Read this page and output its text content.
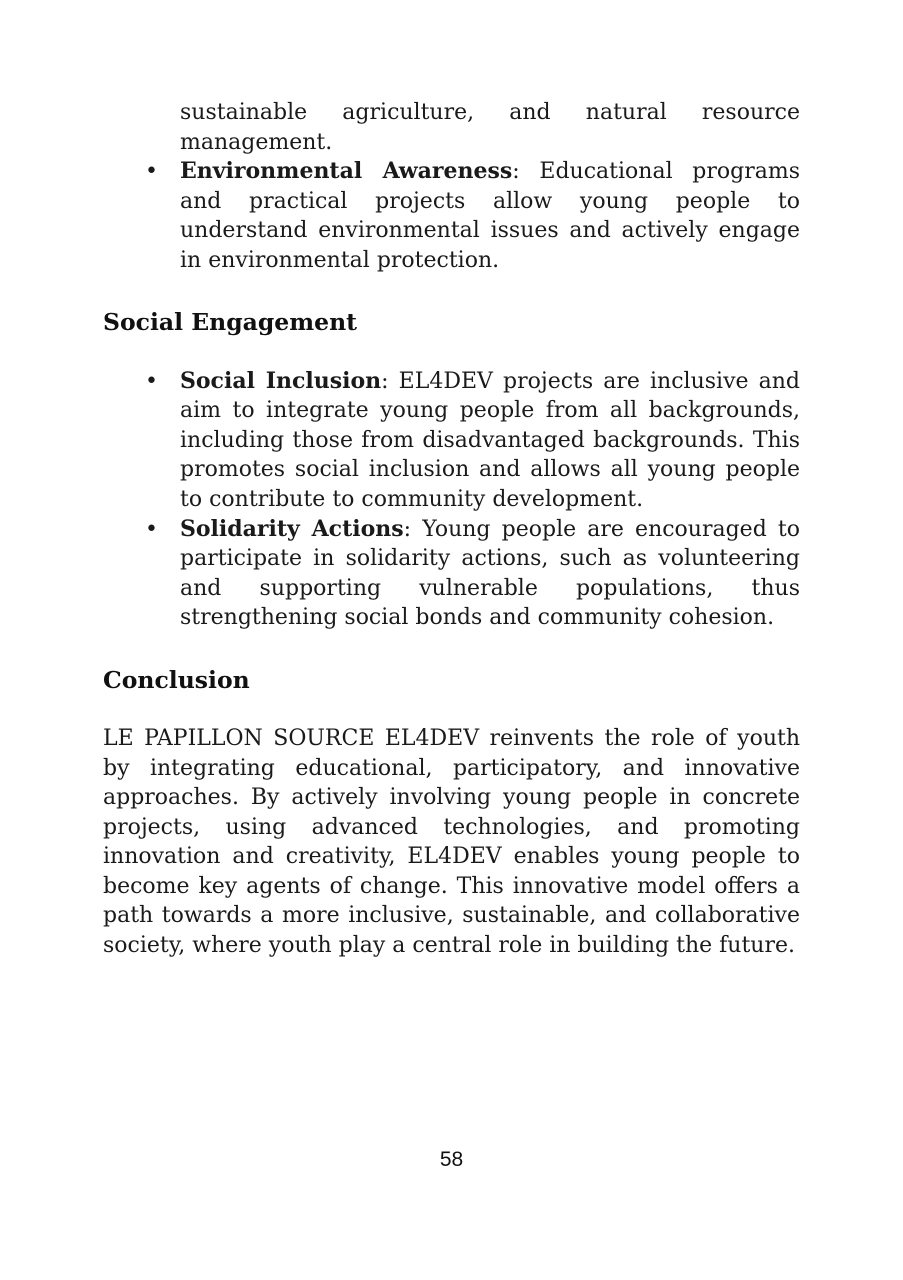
sustainable agriculture, and natural resource management.

• Environmental Awareness: Educational programs and practical projects allow young people to understand environmental issues and actively engage in environmental protection.
Social Engagement
• Social Inclusion: EL4DEV projects are inclusive and aim to integrate young people from all backgrounds, including those from disadvantaged backgrounds. This promotes social inclusion and allows all young people to contribute to community development.
• Solidarity Actions: Young people are encouraged to participate in solidarity actions, such as volunteering and supporting vulnerable populations, thus strengthening social bonds and community cohesion.
Conclusion

LE PAPILLON SOURCE EL4DEV reinvents the role of youth by integrating educational, participatory, and innovative approaches. By actively involving young people in concrete projects, using advanced technologies, and promoting innovation and creativity, EL4DEV enables young people to become key agents of change. This innovative model offers a path towards a more inclusive, sustainable, and collaborative society, where youth play a central role in building the future.

58
